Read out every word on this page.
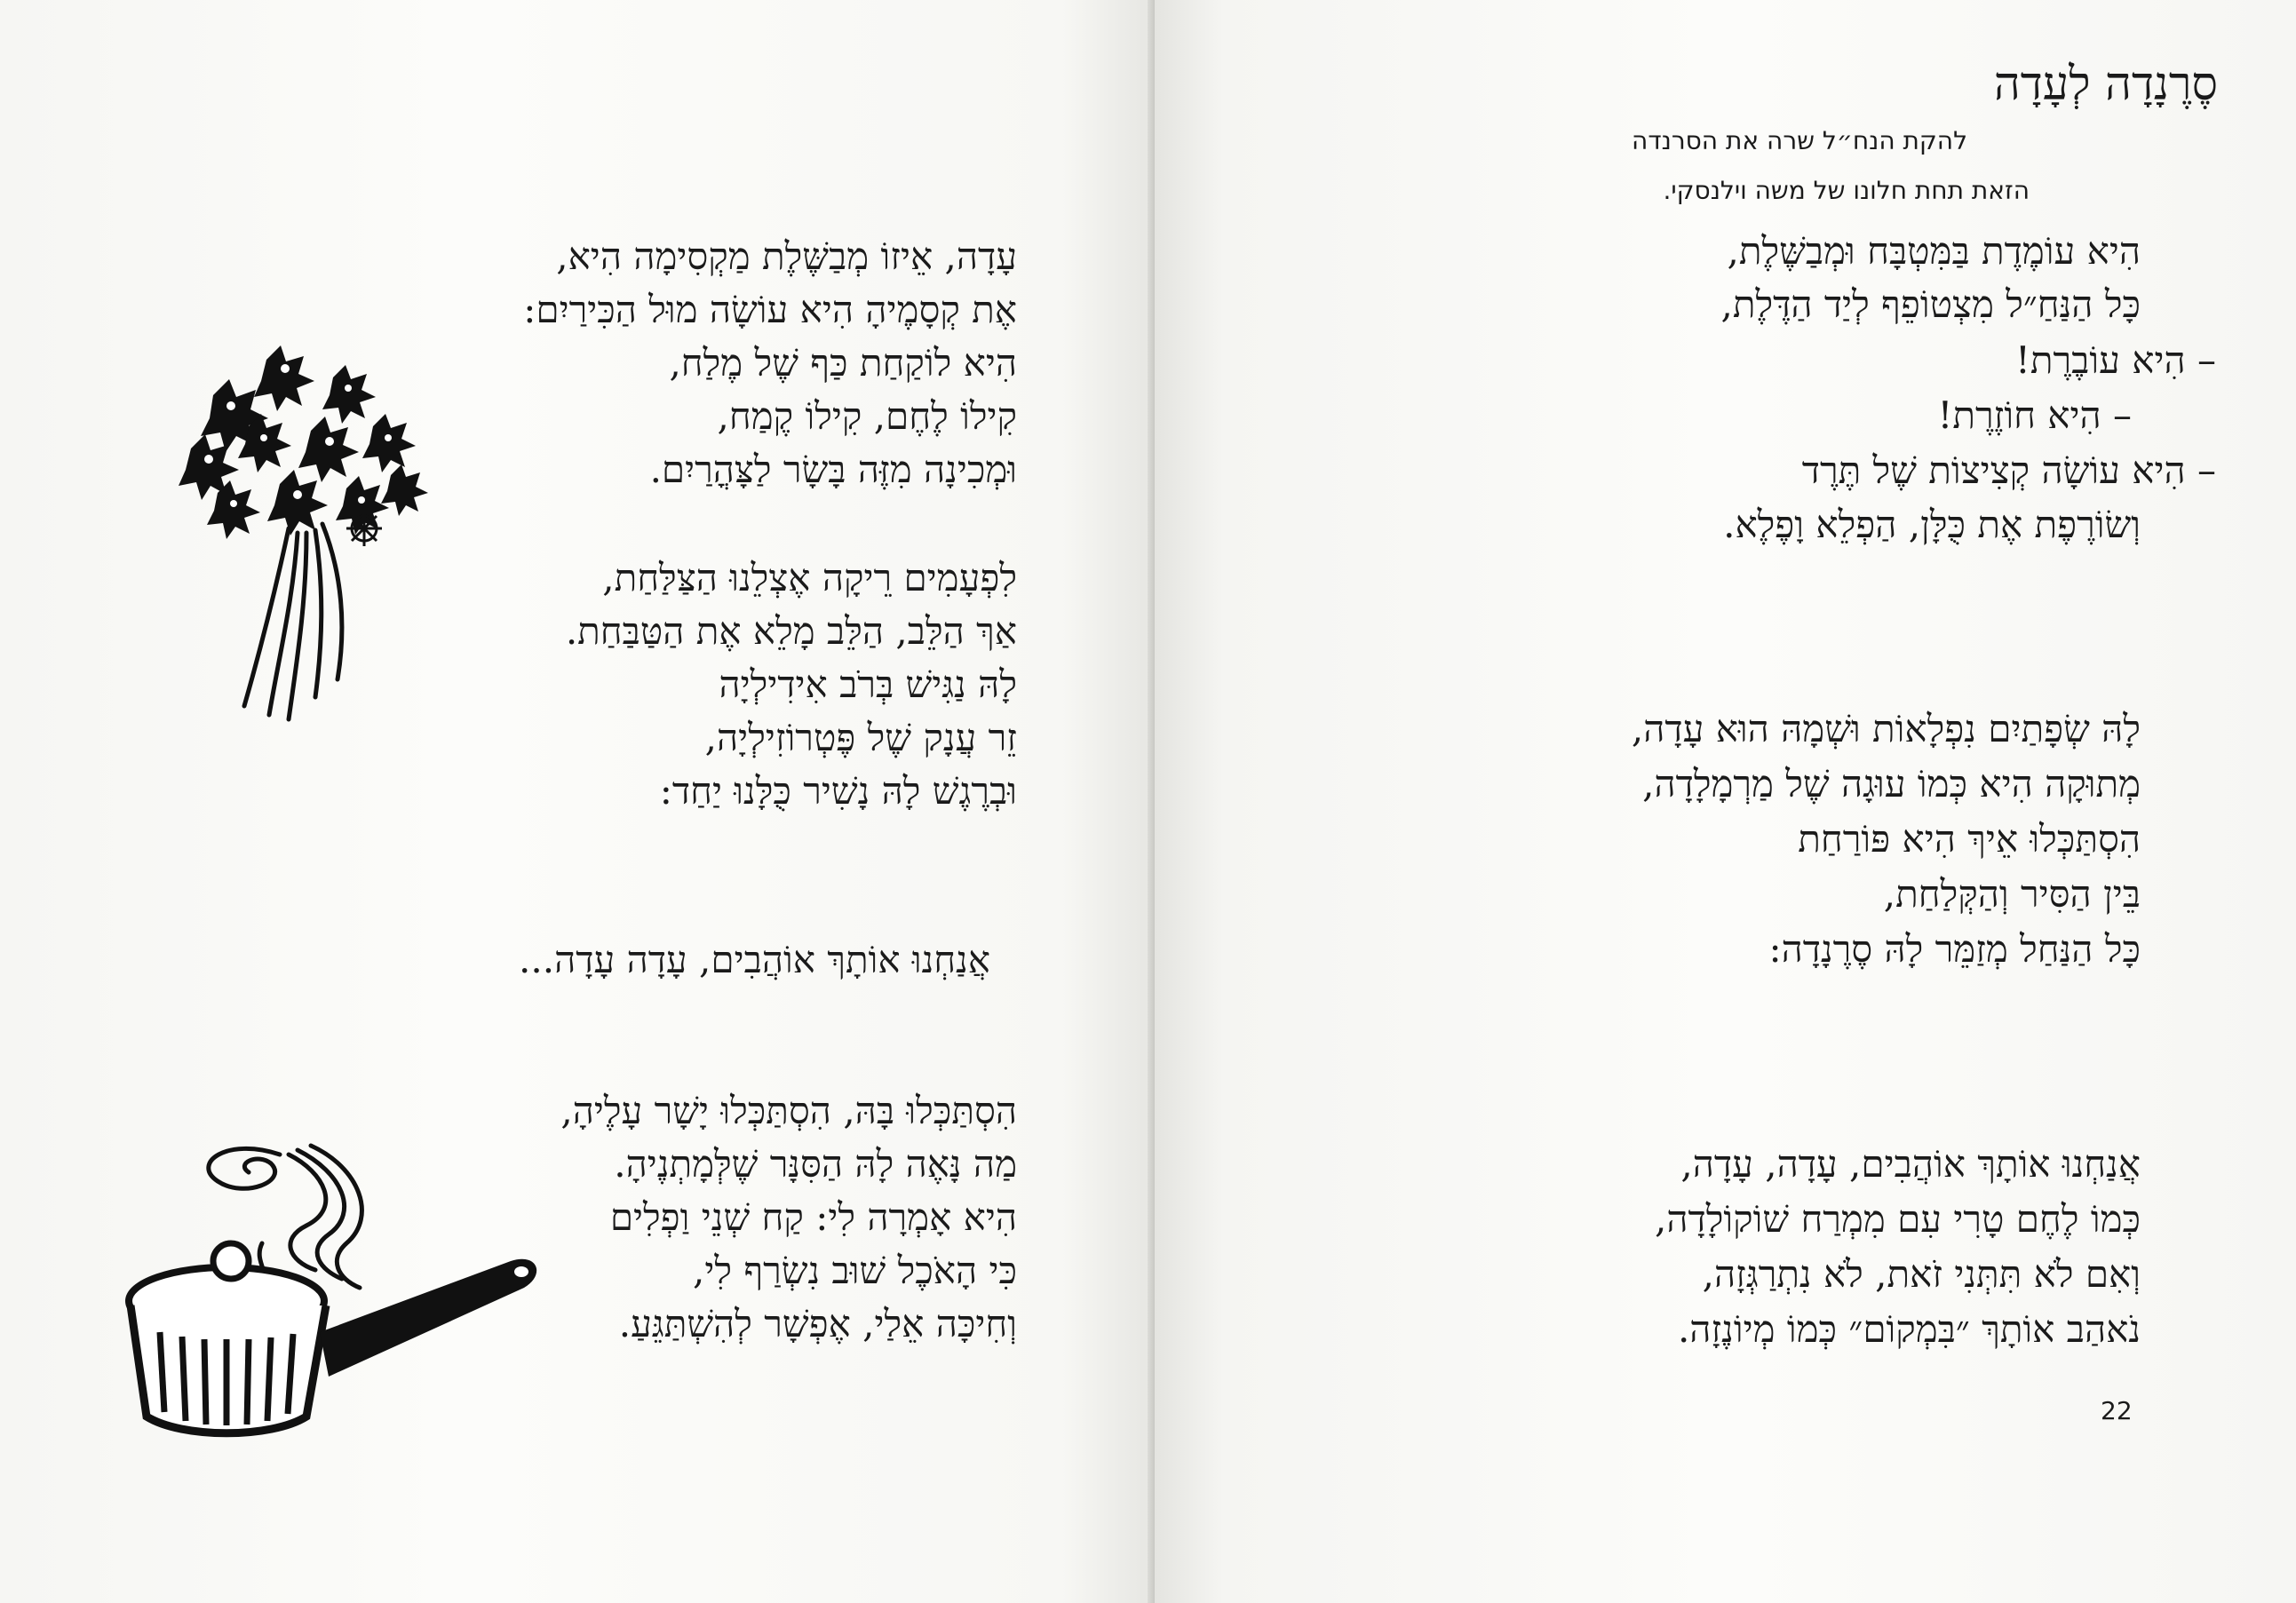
עָדָה, אֵיזוֹ מְבַשֶּׁלֶת מַקְסִימָה הִיא,
אֶת קְסָמֶיהָ הִיא עוֹשָׂה מוּל הַכִּירַיִם:
הִיא לוֹקַחַת כַּף שֶׁל מֶלַח,
קִילוֹ לֶחֶם, קִילוֹ קֶמַח,
וּמְכִינָה מִזֶּה בָּשָׂר לַצָּהֳרַיִם.
לִפְעָמִים רֵיקָה אֶצְלֵנוּ הַצַּלַּחַת,
אַךְ הַלֵּב, הַלֵּב מָלֵא אֶת הַטַּבַּחַת.
לָהּ נַגִּישׁ בְּרֹב אִידִילְיָה
זֵר עֲנָק שֶׁל פֶּטְרוֹזִילְיָה,
וּבְרֶגֶשׁ לָהּ נָשִׁיר כֻּלָּנוּ יַחַד:
אֲנַחְנוּ אוֹתָךְ אוֹהֲבִים, עָדָה עָדָה...
הִסְתַּכְּלוּ בָּהּ, הִסְתַּכְּלוּ יָשָׁר עָלֶיהָ,
מַה נָּאֶה לָהּ הַסִּנָּר שֶׁלְּמָתְנֶיהָ.
הִיא אָמְרָה לִי: קַח שְׁנֵי וַפְלִים
כִּי הָאֹכֶל שׁוּב נִשְׂרַף לִי,
וְחִיכָּה אֵלַי, אֶפְשָׁר לְהִשְׁתַּגֵּעַ.
סֶרֶנָדָה לְעָדָה
להקת הנח״ל שרה את הסרנדה
הזאת תחת חלונו של משה וילנסקי.
הִיא עוֹמֶדֶת בַּמִּטְבָּח וּמְבַשֶּׁלֶת,
כָּל הַנַּחַ״ל מִצְטוֹפֵף לְיַד הַדֶּלֶת,
– הִיא עוֹבֶרֶת!
– הִיא חוֹזֶרֶת!
– הִיא עוֹשָׂה קְצִיצוֹת שֶׁל תֶּרֶד
וְשׂוֹרֶפֶת אֶת כֻּלָּן, הַפְלֵא וָפֶלֶא.
לָהּ שְׂפָתַיִם נִפְלָאוֹת וּשְׁמָהּ הוּא עָדָה,
מְתוּקָה הִיא כְּמוֹ עוּגָה שֶׁל מַרְמָלָדָה,
הִסְתַּכְּלוּ אֵיךְ הִיא פּוֹרַחַת
בֵּין הַסִּיר וְהַקְּלַחַת,
כָּל הַנַּחַל מְזַמֵּר לָהּ סֶרֶנָדָה:
אֲנַחְנוּ אוֹתָךְ אוֹהֲבִים, עָדָה, עָדָה,
כְּמוֹ לֶחֶם טָרִי עִם מִמְרַח שׁוֹקוֹלָדָה,
וְאִם לֹא תִּתְּנִי זֹאת, לֹא נִתְרַגְּזָה,
נֹאהַב אוֹתָךְ ״בִּמְקוֹם״ כְּמוֹ מְיוֹנֶזָה.
22
